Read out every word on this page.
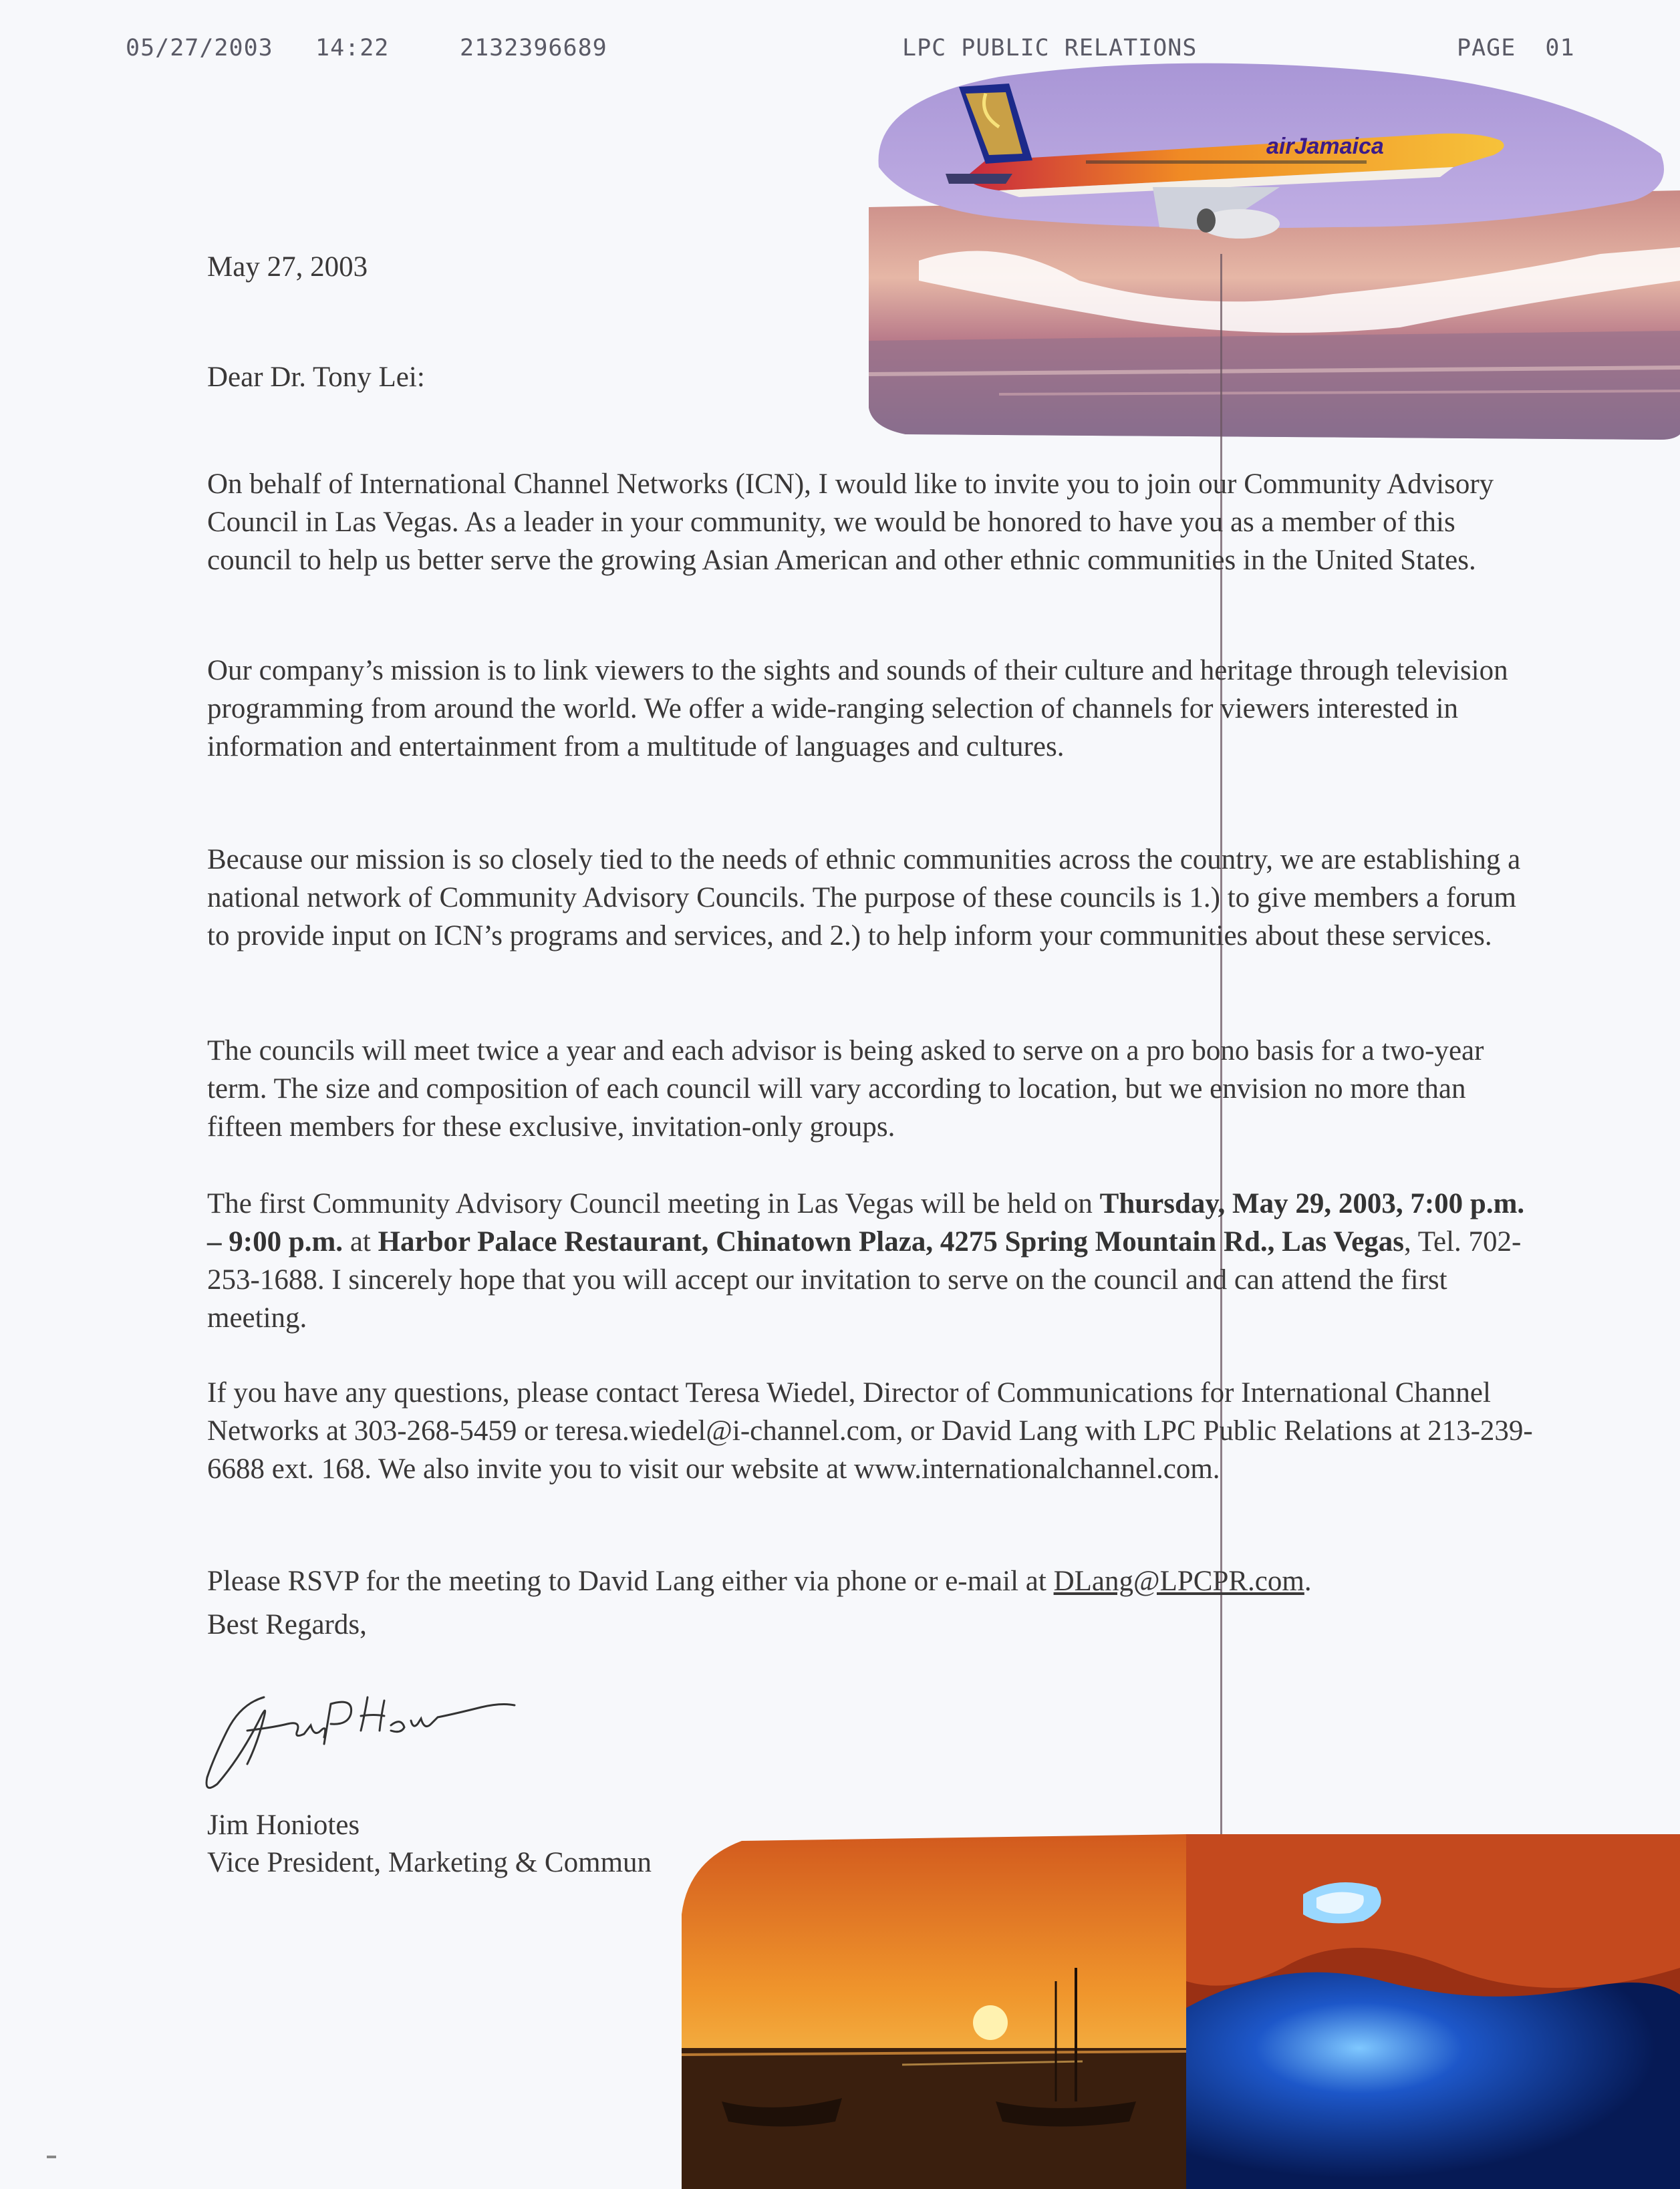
05/27/2003 14:22	2132396689	LPC PUBLIC RELATIONS	PAGE  01
airJamaica
May 27, 2003
Dear Dr. Tony Lei:

On behalf of International Channel Networks (ICN), I would like to invite you to join our Community Advisory Council in Las Vegas. As a leader in your community, we would be honored to have you as a member of this council to help us better serve the growing Asian American and other ethnic communities in the United States.

Our company’s mission is to link viewers to the sights and sounds of their culture and heritage through television programming from around the world. We offer a wide-ranging selection of channels for viewers interested in information and entertainment from a multitude of languages and cultures.

Because our mission is so closely tied to the needs of ethnic communities across the country, we are establishing a national network of Community Advisory Councils. The purpose of these councils is 1.) to give members a forum to provide input on ICN’s programs and services, and 2.) to help inform your communities about these services.

The councils will meet twice a year and each advisor is being asked to serve on a pro bono basis for a two-year term. The size and composition of each council will vary according to location, but we envision no more than fifteen members for these exclusive, invitation-only groups.

The first Community Advisory Council meeting in Las Vegas will be held on Thursday, May 29, 2003, 7:00 p.m. – 9:00 p.m. at Harbor Palace Restaurant, Chinatown Plaza, 4275 Spring Mountain Rd., Las Vegas, Tel. 702-253-1688. I sincerely hope that you will accept our invitation to serve on the council and can attend the first meeting.

If you have any questions, please contact Teresa Wiedel, Director of Communications for International Channel Networks at 303-268-5459 or teresa.wiedel@i-channel.com, or David Lang with LPC Public Relations at 213-239-6688 ext. 168. We also invite you to visit our website at www.internationalchannel.com.

Please RSVP for the meeting to David Lang either via phone or e-mail at DLang@LPCPR.com.

Best Regards,
Jim Honiotes
Vice President, Marketing & Commun
